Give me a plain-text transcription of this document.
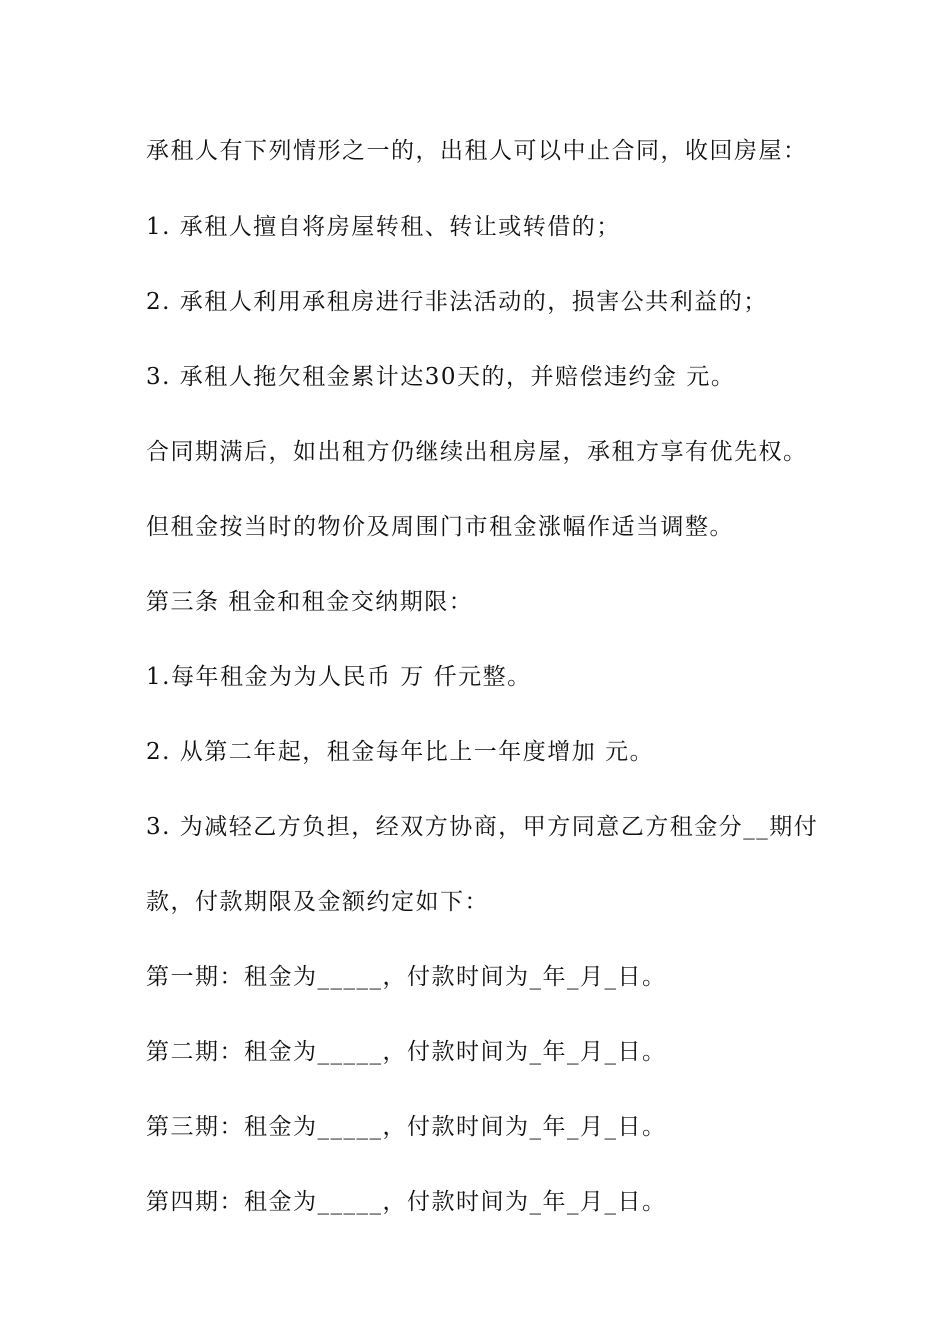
承租人有下列情形之一的，出租人可以中止合同，收回房屋：
1. 承租人擅自将房屋转租、转让或转借的；
2. 承租人利用承租房进行非法活动的，损害公共利益的；
3. 承租人拖欠租金累计达30天的，并赔偿违约金 元。
合同期满后，如出租方仍继续出租房屋，承租方享有优先权。
但租金按当时的物价及周围门市租金涨幅作适当调整。
第三条 租金和租金交纳期限：
1.每年租金为为人民币 万 仟元整。
2. 从第二年起，租金每年比上一年度增加 元。
3. 为减轻乙方负担，经双方协商，甲方同意乙方租金分__期付
款，付款期限及金额约定如下：
第一期：租金为_____，付款时间为_年_月_日。
第二期：租金为_____，付款时间为_年_月_日。
第三期：租金为_____，付款时间为_年_月_日。
第四期：租金为_____，付款时间为_年_月_日。
